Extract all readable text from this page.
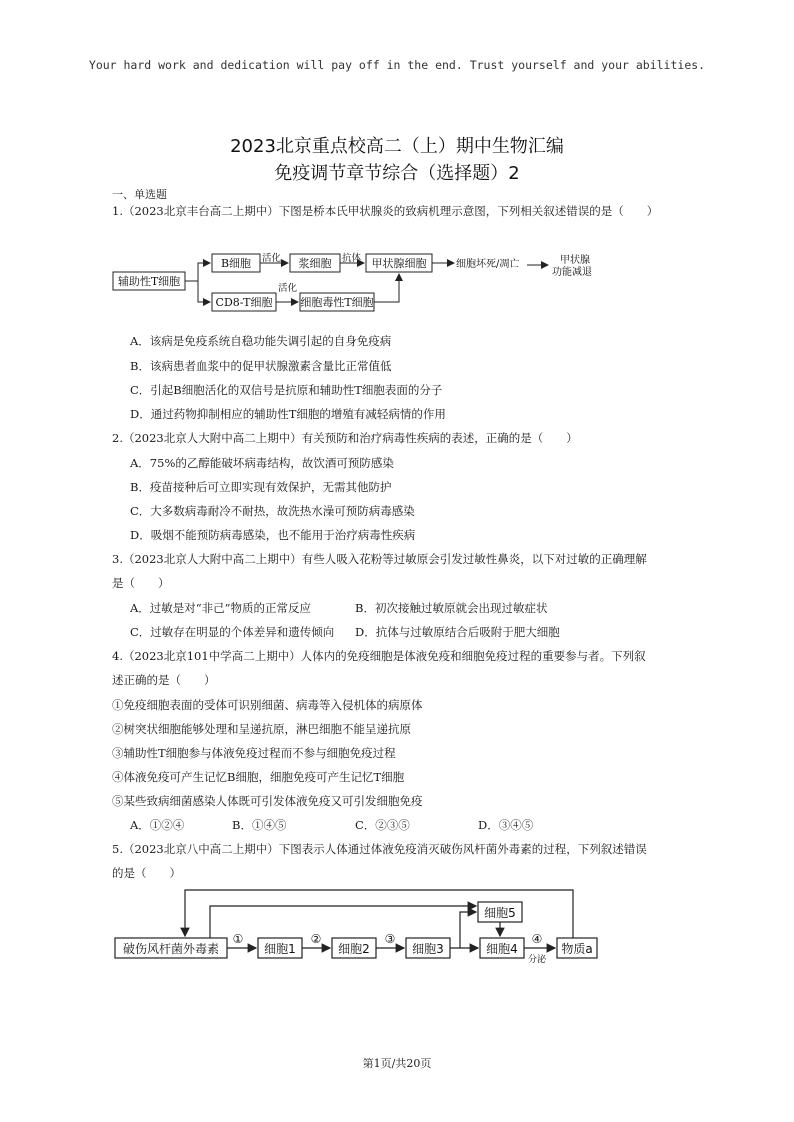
Your hard work and dedication will pay off in the end. Trust yourself and your abilities.
2023北京重点校高二（上）期中生物汇编
免疫调节章节综合（选择题）2
一、单选题
1.（2023北京丰台高二上期中）下图是桥本氏甲状腺炎的致病机理示意图，下列相关叙述错误的是（　　）
辅助性T细胞
B细胞	浆细胞	甲状腺细胞
CD8-T细胞	细胞毒性T细胞
活化	抗体
活化
细胞坏死/凋亡	甲状腺
功能减退
A．该病是免疫系统自稳功能失调引起的自身免疫病
B．该病患者血浆中的促甲状腺激素含量比正常值低
C．引起B细胞活化的双信号是抗原和辅助性T细胞表面的分子
D．通过药物抑制相应的辅助性T细胞的增殖有减轻病情的作用
2.（2023北京人大附中高二上期中）有关预防和治疗病毒性疾病的表述，正确的是（　　）
A．75%的乙醇能破坏病毒结构，故饮酒可预防感染
B．疫苗接种后可立即实现有效保护，无需其他防护
C．大多数病毒耐冷不耐热，故洗热水澡可预防病毒感染
D．吸烟不能预防病毒感染，也不能用于治疗病毒性疾病
3.（2023北京人大附中高二上期中）有些人吸入花粉等过敏原会引发过敏性鼻炎，以下对过敏的正确理解
是（　　）
A．过敏是对“非己”物质的正常反应	B．初次接触过敏原就会出现过敏症状
C．过敏存在明显的个体差异和遗传倾向 D．抗体与过敏原结合后吸附于肥大细胞
4.（2023北京101中学高二上期中）人体内的免疫细胞是体液免疫和细胞免疫过程的重要参与者。下列叙
述正确的是（　　）
①免疫细胞表面的受体可识别细菌、病毒等入侵机体的病原体
②树突状细胞能够处理和呈递抗原，淋巴细胞不能呈递抗原
③辅助性T细胞参与体液免疫过程而不参与细胞免疫过程
④体液免疫可产生记忆B细胞，细胞免疫可产生记忆T细胞
⑤某些致病细菌感染人体既可引发体液免疫又可引发细胞免疫
A．①②④	B．①④⑤	C．②③⑤	D．③④⑤
5.（2023北京八中高二上期中）下图表示人体通过体液免疫消灭破伤风杆菌外毒素的过程，下列叙述错误
的是（　　）
破伤风杆菌外毒素	细胞1	细胞2	细胞3	细胞4	物质a
细胞5
①	②	③	④
分泌
第1页/共20页
